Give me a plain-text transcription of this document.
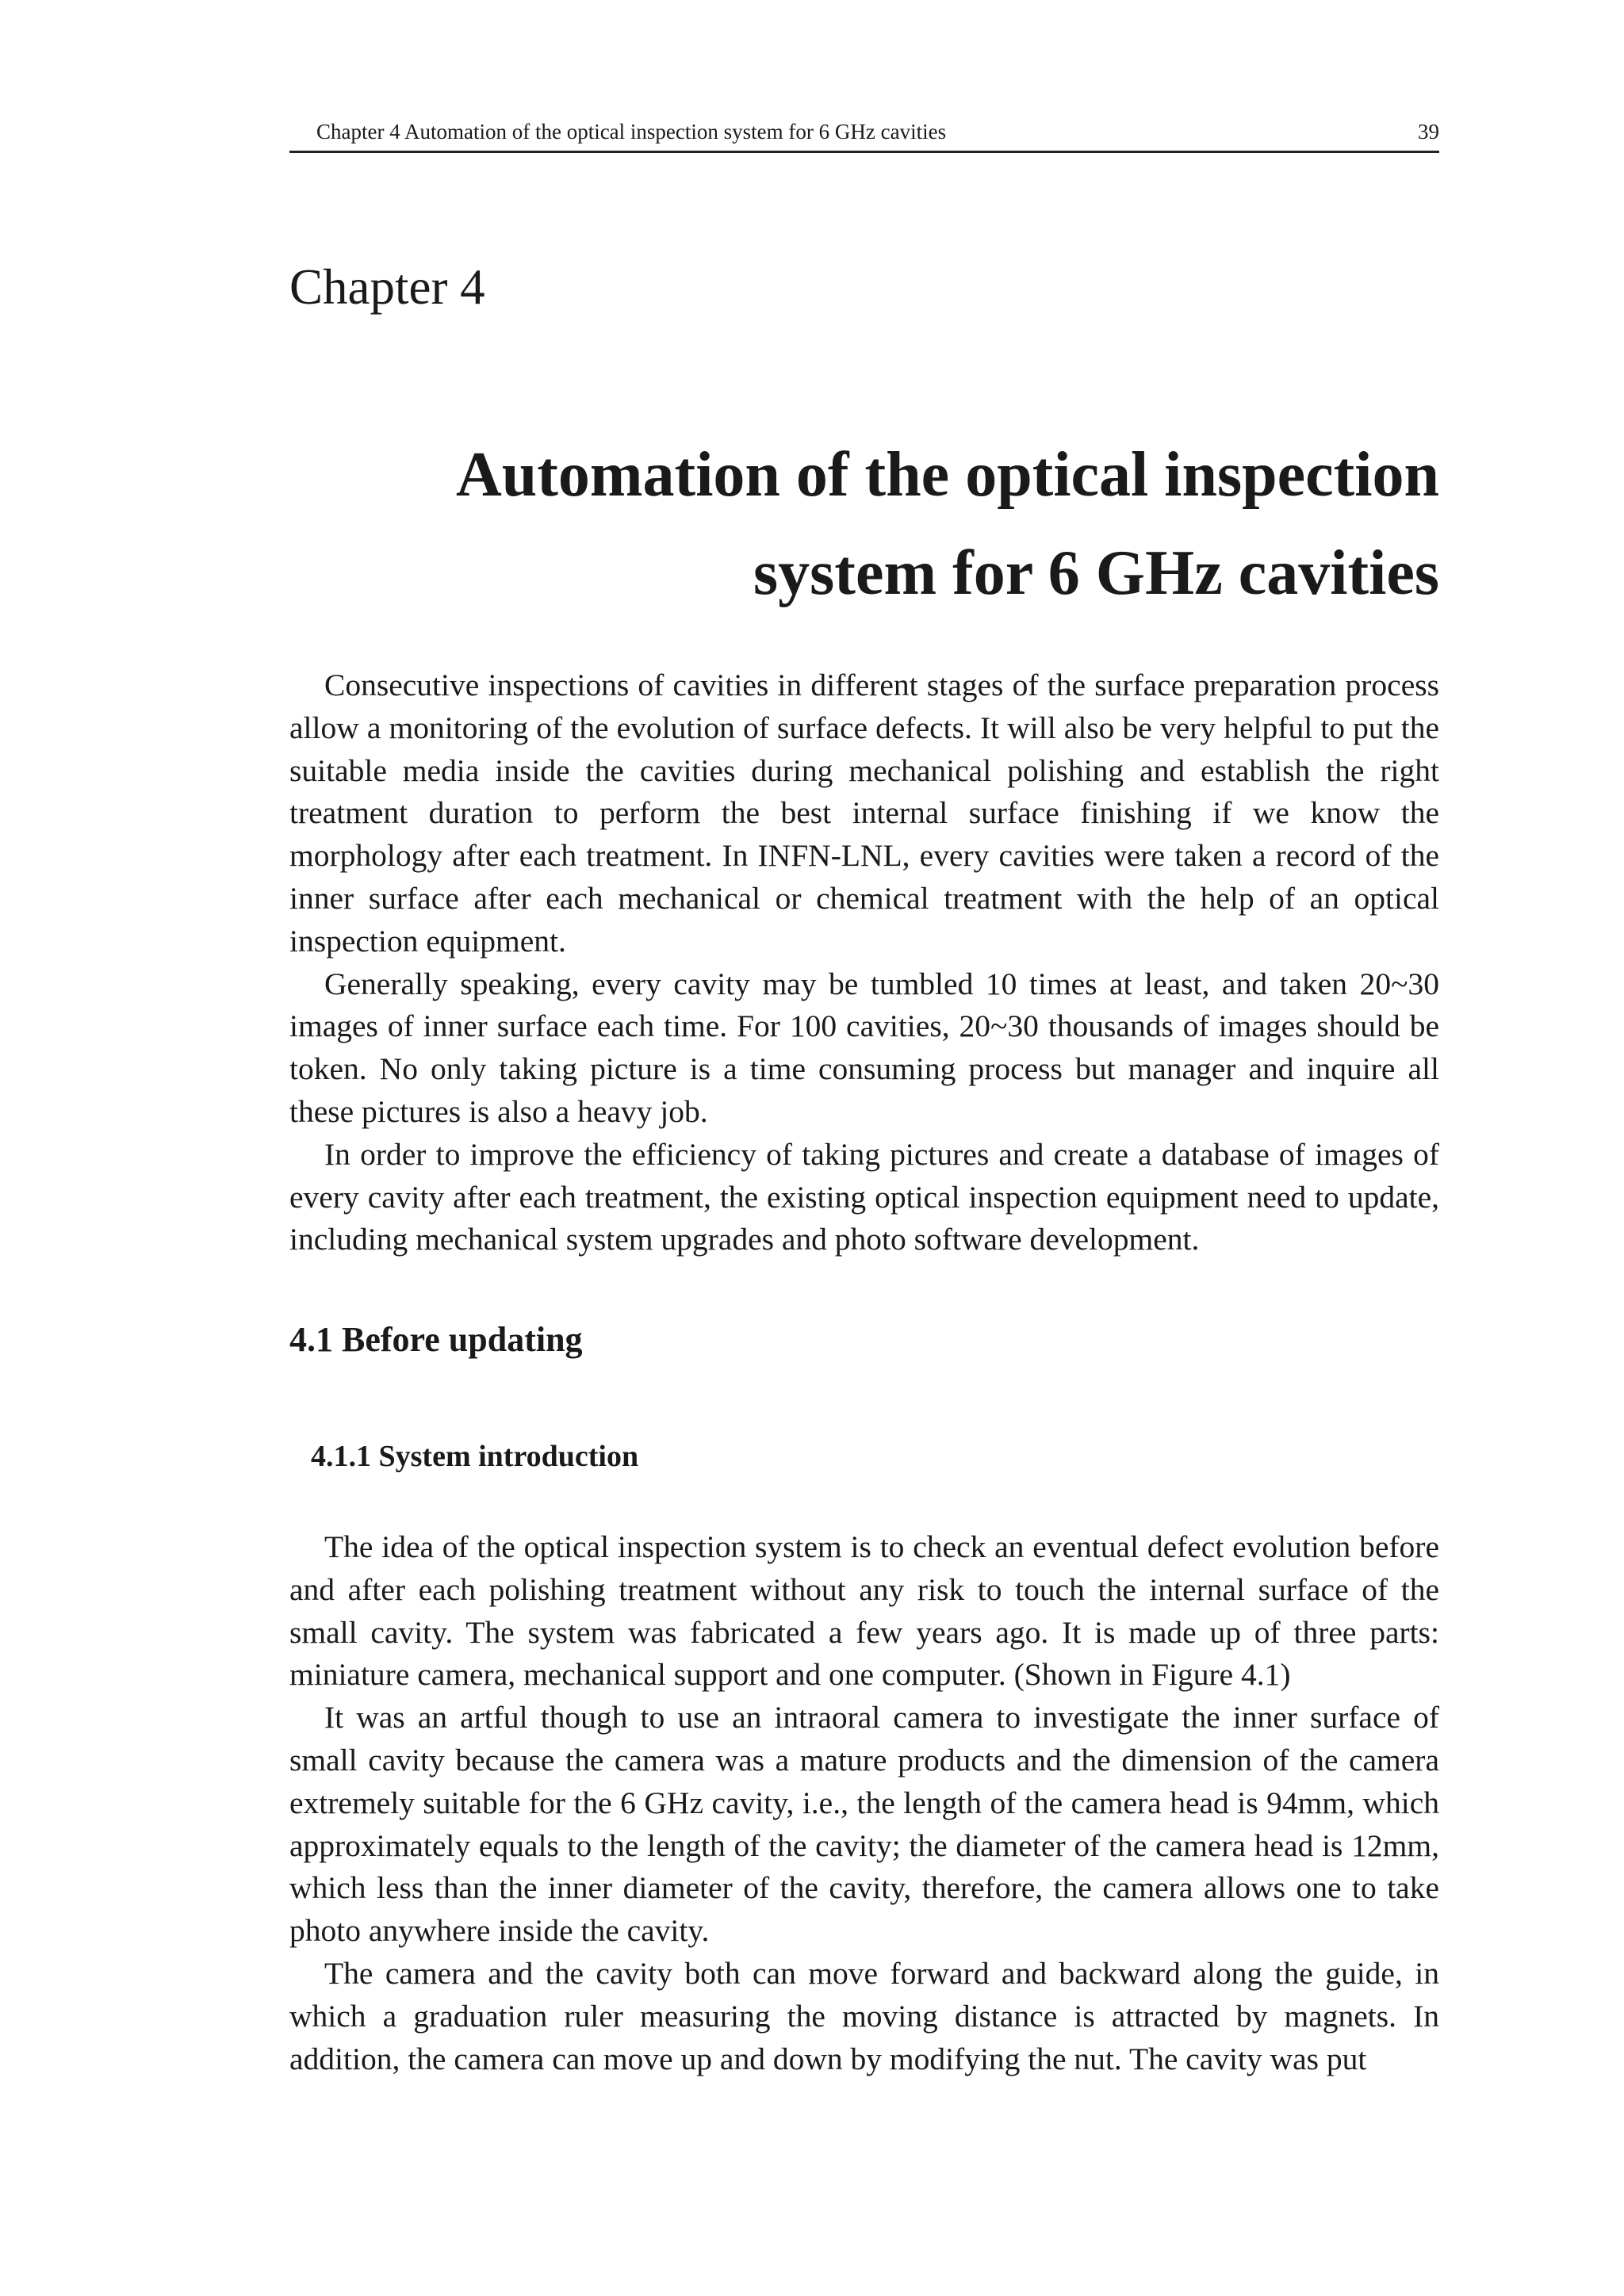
Chapter 4 Automation of the optical inspection system for 6 GHz cavities	39
Chapter 4
Automation of the optical inspection
system for 6 GHz cavities

Consecutive inspections of cavities in different stages of the surface preparation process allow a monitoring of the evolution of surface defects. It will also be very helpful to put the suitable media inside the cavities during mechanical polishing and establish the right treatment duration to perform the best internal surface finishing if we know the morphology after each treatment. In INFN-LNL, every cavities were taken a record of the inner surface after each mechanical or chemical treatment with the help of an optical inspection equipment.

Generally speaking, every cavity may be tumbled 10 times at least, and taken 20~30 images of inner surface each time. For 100 cavities, 20~30 thousands of images should be token. No only taking picture is a time consuming process but manager and inquire all these pictures is also a heavy job.

In order to improve the efficiency of taking pictures and create a database of images of every cavity after each treatment, the existing optical inspection equipment need to update, including mechanical system upgrades and photo software development.

4.1 Before updating
4.1.1 System introduction

The idea of the optical inspection system is to check an eventual defect evolution before and after each polishing treatment without any risk to touch the internal surface of the small cavity. The system was fabricated a few years ago. It is made up of three parts: miniature camera, mechanical support and one computer. (Shown in Figure 4.1)

It was an artful though to use an intraoral camera to investigate the inner surface of small cavity because the camera was a mature products and the dimension of the camera extremely suitable for the 6 GHz cavity, i.e., the length of the camera head is 94mm, which approximately equals to the length of the cavity; the diameter of the camera head is 12mm, which less than the inner diameter of the cavity, therefore, the camera allows one to take photo anywhere inside the cavity.

The camera and the cavity both can move forward and backward along the guide, in which a graduation ruler measuring the moving distance is attracted by magnets. In addition, the camera can move up and down by modifying the nut. The cavity was put
